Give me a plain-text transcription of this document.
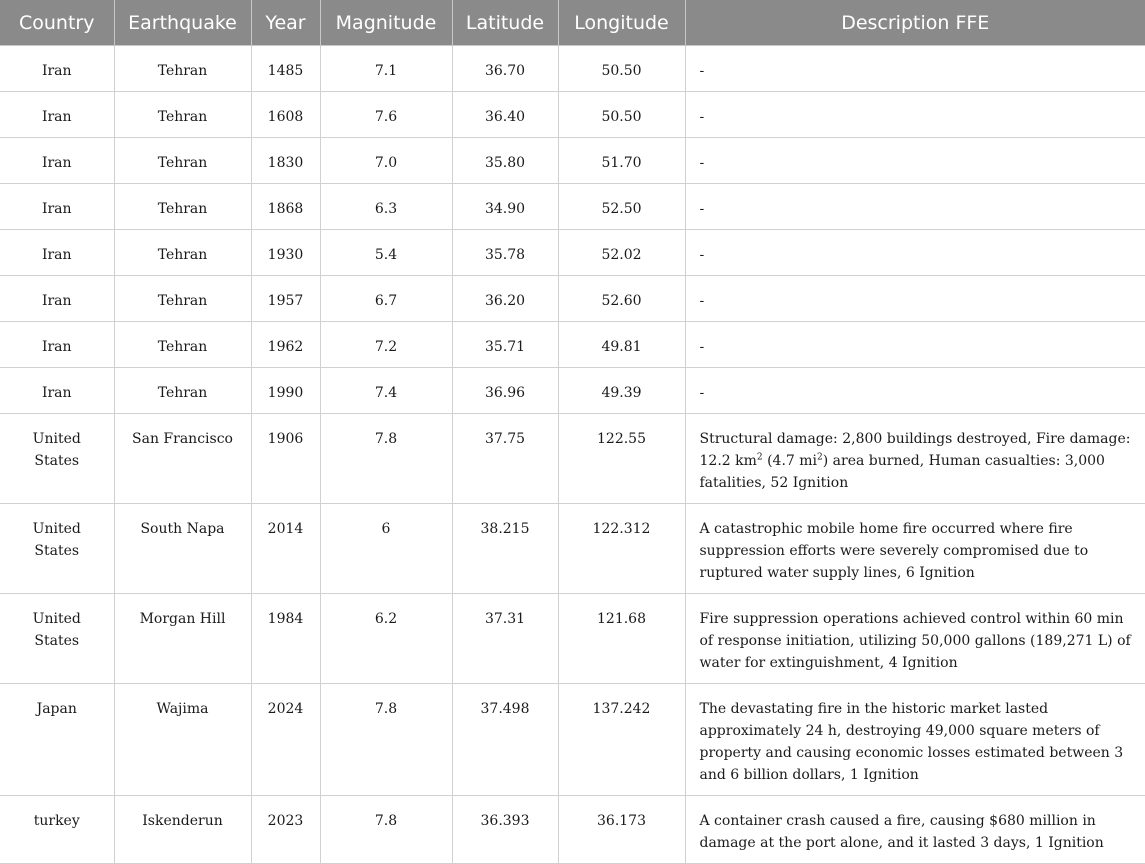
Country	Earthquake	Year	Magnitude	Latitude	Longitude	Description FFE
Iran	Tehran	1485	7.1	36.70	50.50	-
Iran	Tehran	1608	7.6	36.40	50.50	-
Iran	Tehran	1830	7.0	35.80	51.70	-
Iran	Tehran	1868	6.3	34.90	52.50	-
Iran	Tehran	1930	5.4	35.78	52.02	-
Iran	Tehran	1957	6.7	36.20	52.60	-
Iran	Tehran	1962	7.2	35.71	49.81	-
Iran	Tehran	1990	7.4	36.96	49.39	-
United States	San Francisco	1906	7.8	37.75	122.55	Structural damage: 2,800 buildings destroyed, Fire damage: 12.2 $km^2$ (4.7 $mi^2$) area burned, Human casualties: 3,000 fatalities, 52 Ignition
United States	South Napa	2014	6	38.215	122.312	A catastrophic mobile home fire occurred where fire suppression efforts were severely compromised due to ruptured water supply lines, 6 Ignition
United States	Morgan Hill	1984	6.2	37.31	121.68	Fire suppression operations achieved control within 60 min of response initiation, utilizing 50,000 gallons (189,271 L) of water for extinguishment, 4 Ignition
Japan	Wajima	2024	7.8	37.498	137.242	The devastating fire in the historic market lasted approximately 24 h, destroying 49,000 square meters of property and causing economic losses estimated between 3 and 6 billion dollars, 1 Ignition
turkey	Iskenderun	2023	7.8	36.393	36.173	A container crash caused a fire, causing $680 million in damage at the port alone, and it lasted 3 days, 1 Ignition
